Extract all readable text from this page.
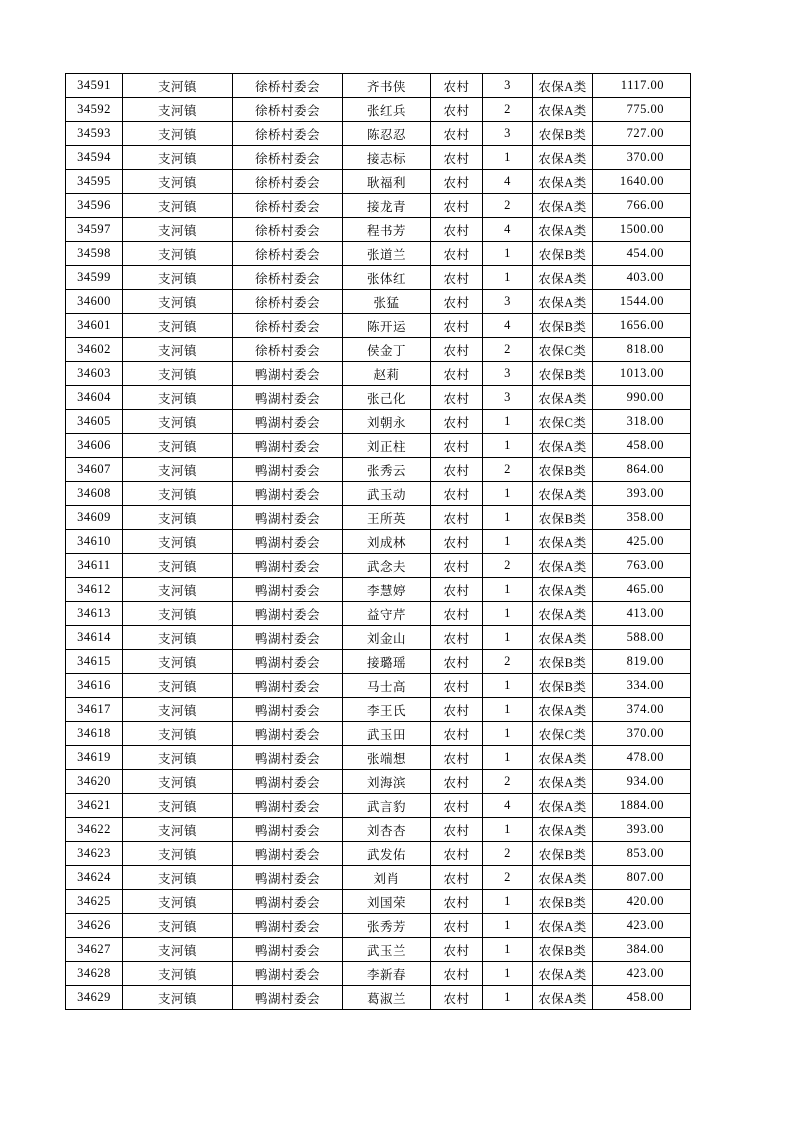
34591	支河镇	徐桥村委会	齐书侠	农村	3	农保A类	1117.00
34592	支河镇	徐桥村委会	张红兵	农村	2	农保A类	775.00
34593	支河镇	徐桥村委会	陈忍忍	农村	3	农保B类	727.00
34594	支河镇	徐桥村委会	接志标	农村	1	农保A类	370.00
34595	支河镇	徐桥村委会	耿福利	农村	4	农保A类	1640.00
34596	支河镇	徐桥村委会	接龙青	农村	2	农保A类	766.00
34597	支河镇	徐桥村委会	程书芳	农村	4	农保A类	1500.00
34598	支河镇	徐桥村委会	张道兰	农村	1	农保B类	454.00
34599	支河镇	徐桥村委会	张体红	农村	1	农保A类	403.00
34600	支河镇	徐桥村委会	张猛	农村	3	农保A类	1544.00
34601	支河镇	徐桥村委会	陈开运	农村	4	农保B类	1656.00
34602	支河镇	徐桥村委会	侯金丁	农村	2	农保C类	818.00
34603	支河镇	鸭湖村委会	赵莉	农村	3	农保B类	1013.00
34604	支河镇	鸭湖村委会	张己化	农村	3	农保A类	990.00
34605	支河镇	鸭湖村委会	刘朝永	农村	1	农保C类	318.00
34606	支河镇	鸭湖村委会	刘正柱	农村	1	农保A类	458.00
34607	支河镇	鸭湖村委会	张秀云	农村	2	农保B类	864.00
34608	支河镇	鸭湖村委会	武玉动	农村	1	农保A类	393.00
34609	支河镇	鸭湖村委会	王所英	农村	1	农保B类	358.00
34610	支河镇	鸭湖村委会	刘成林	农村	1	农保A类	425.00
34611	支河镇	鸭湖村委会	武念夫	农村	2	农保A类	763.00
34612	支河镇	鸭湖村委会	李慧婷	农村	1	农保A类	465.00
34613	支河镇	鸭湖村委会	益守芹	农村	1	农保A类	413.00
34614	支河镇	鸭湖村委会	刘金山	农村	1	农保A类	588.00
34615	支河镇	鸭湖村委会	接璐瑶	农村	2	农保B类	819.00
34616	支河镇	鸭湖村委会	马士高	农村	1	农保B类	334.00
34617	支河镇	鸭湖村委会	李王氏	农村	1	农保A类	374.00
34618	支河镇	鸭湖村委会	武玉田	农村	1	农保C类	370.00
34619	支河镇	鸭湖村委会	张端想	农村	1	农保A类	478.00
34620	支河镇	鸭湖村委会	刘海滨	农村	2	农保A类	934.00
34621	支河镇	鸭湖村委会	武言豹	农村	4	农保A类	1884.00
34622	支河镇	鸭湖村委会	刘杏杏	农村	1	农保A类	393.00
34623	支河镇	鸭湖村委会	武发佑	农村	2	农保B类	853.00
34624	支河镇	鸭湖村委会	刘肖	农村	2	农保A类	807.00
34625	支河镇	鸭湖村委会	刘国荣	农村	1	农保B类	420.00
34626	支河镇	鸭湖村委会	张秀芳	农村	1	农保A类	423.00
34627	支河镇	鸭湖村委会	武玉兰	农村	1	农保B类	384.00
34628	支河镇	鸭湖村委会	李新春	农村	1	农保A类	423.00
34629	支河镇	鸭湖村委会	葛淑兰	农村	1	农保A类	458.00
